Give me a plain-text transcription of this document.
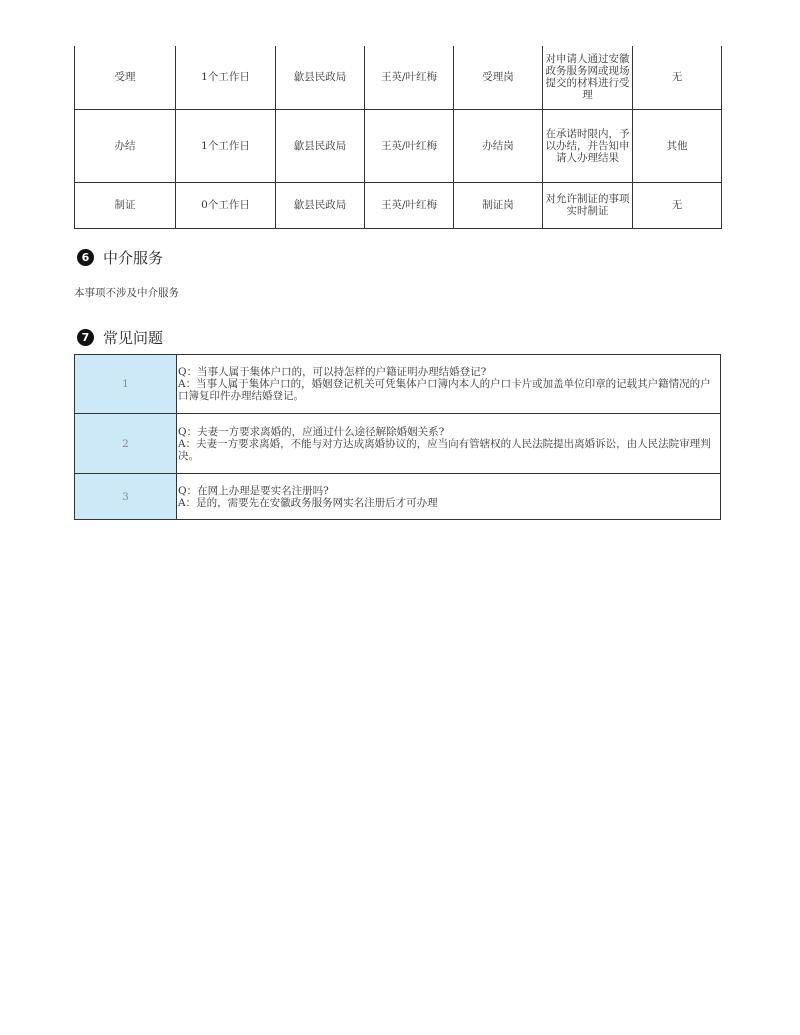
受理	1个工作日	歙县民政局	王英/叶红梅	受理岗	对申请人通过安徽政务服务网或现场提交的材料进行受理	无
办结	1个工作日	歙县民政局	王英/叶红梅	办结岗	在承诺时限内，予以办结，并告知申请人办理结果	其他
制证	0个工作日	歙县民政局	王英/叶红梅	制证岗	对允许制证的事项实时制证	无
6 中介服务
本事项不涉及中介服务
7 常见问题
1	Q：当事人属于集体户口的，可以持怎样的户籍证明办理结婚登记?
A：当事人属于集体户口的，婚姻登记机关可凭集体户口簿内本人的户口卡片或加盖单位印章的记载其户籍情况的户口簿复印件办理结婚登记。

2	Q：夫妻一方要求离婚的，应通过什么途径解除婚姻关系?
A：夫妻一方要求离婚，不能与对方达成离婚协议的，应当向有管辖权的人民法院提出离婚诉讼，由人民法院审理判决。

3	Q：在网上办理是要实名注册吗?
A：是的，需要先在安徽政务服务网实名注册后才可办理
